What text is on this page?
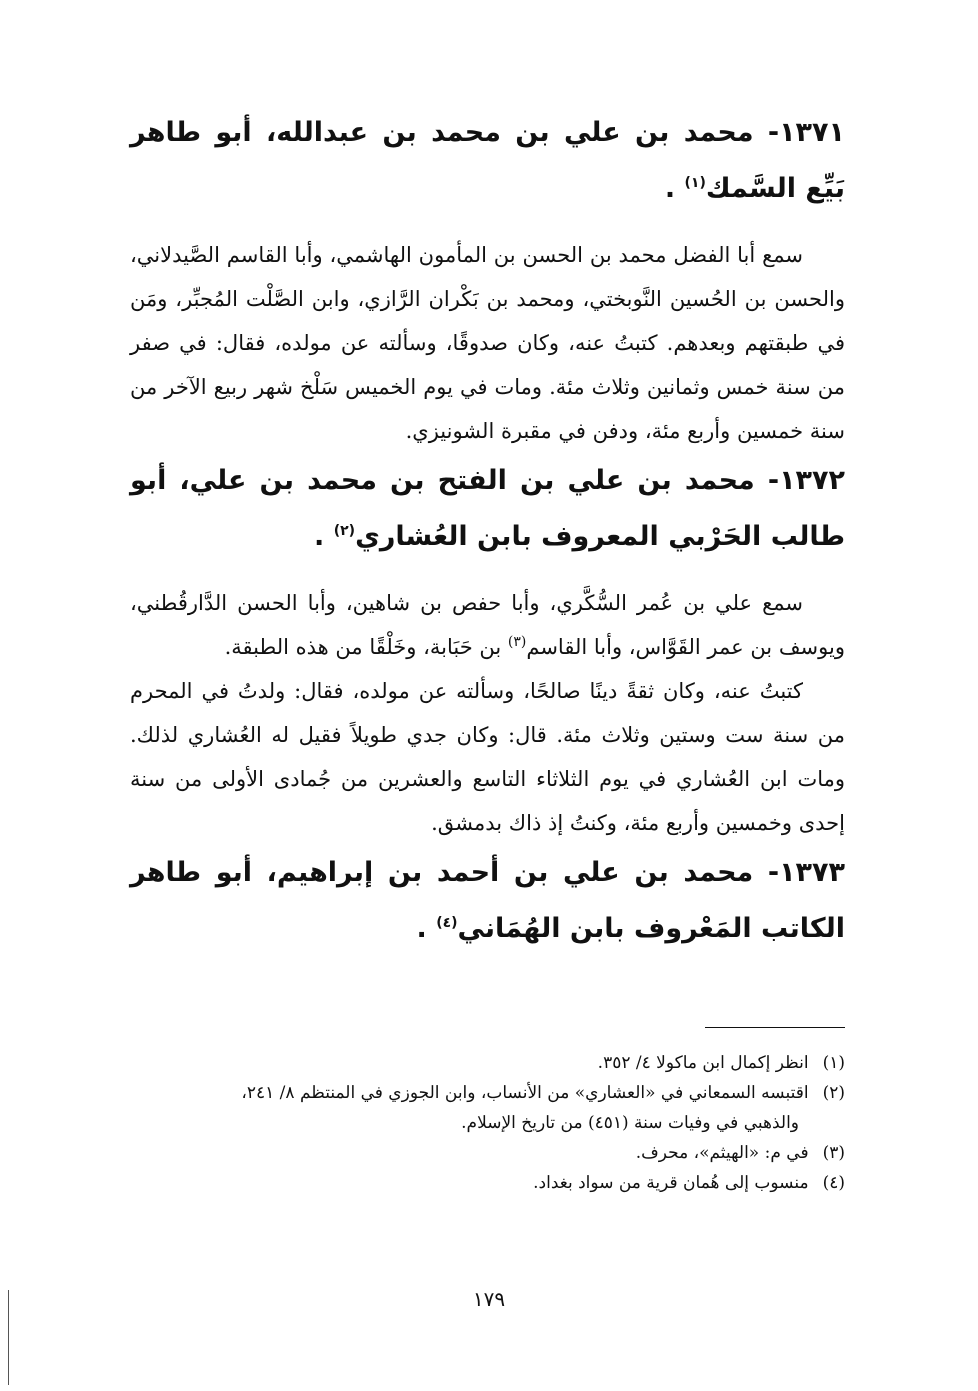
١٣٧١- محمد بن علي بن محمد بن عبدالله، أبو طاهر بَيِّع السَّمك$^{(١)}$ .

سمع أبا الفضل محمد بن الحسن بن المأمون الهاشمي، وأبا القاسم الصَّيدلاني، والحسن بن الحُسين النَّوبختي، ومحمد بن بَكْران الرَّازي، وابن الصَّلْت المُجبِّر، ومَن في طبقتهم وبعدهم. كتبتُ عنه، وكان صدوقًا، وسألته عن مولده، فقال: في صفر من سنة خمس وثمانين وثلاث مئة. ومات في يوم الخميس سَلْخ شهر ربيع الآخر من سنة خمسين وأربع مئة، ودفن في مقبرة الشونيزي.

١٣٧٢- محمد بن علي بن الفتح بن محمد بن علي، أبو طالب الحَرْبي المعروف بابن العُشاري$^{(٢)}$ .

سمع علي بن عُمر السُّكَّري، وأبا حفص بن شاهين، وأبا الحسن الدَّارقُطني، ويوسف بن عمر القَوَّاس، وأبا القاسم$^{(٣)}$ بن حَبَابة، وخَلْقًا من هذه الطبقة.

كتبتُ عنه، وكان ثقةً دينًا صالحًا، وسألته عن مولده، فقال: ولدتُ في المحرم من سنة ست وستين وثلاث مئة. قال: وكان جدي طويلاً فقيل له العُشاري لذلك. ومات ابن العُشاري في يوم الثلاثاء التاسع والعشرين من جُمادى الأولى من سنة إحدى وخمسين وأربع مئة، وكنتُ إذ ذاك بدمشق.

١٣٧٣- محمد بن علي بن أحمد بن إبراهيم، أبو طاهر الكاتب المَعْروف بابن الهُمَاني$^{(٤)}$ .

(١)
انظر إكمال ابن ماكولا ٤/ ٣٥٢.
(٢)
اقتبسه السمعاني في «العشاري» من الأنساب، وابن الجوزي في المنتظم ٨/ ٢٤١،
والذهبي في وفيات سنة (٤٥١) من تاريخ الإسلام.
(٣)
في م: «الهيثم»، محرف.
(٤)
منسوب إلى هُمان قرية من سواد بغداد.
١٧٩
